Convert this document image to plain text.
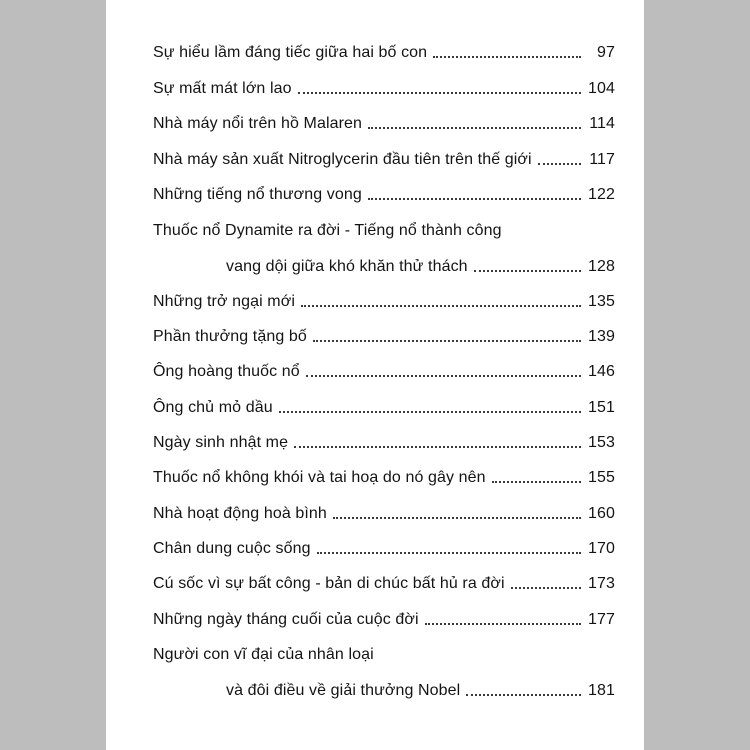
Sự hiểu lầm đáng tiếc giữa hai bố con	97
Sự mất mát lớn lao	104
Nhà máy nổi trên hồ Malaren	114
Nhà máy sản xuất Nitroglycerin đầu tiên trên thế giới	117
Những tiếng nổ thương vong	122
Thuốc nổ Dynamite ra đời - Tiếng nổ thành công
vang dội giữa khó khăn thử thách	128
Những trở ngại mới	135
Phần thưởng tặng bố	139
Ông hoàng thuốc nổ	146
Ông chủ mỏ dầu	151
Ngày sinh nhật mẹ	153
Thuốc nổ không khói và tai hoạ do nó gây nên	155
Nhà hoạt động hoà bình	160
Chân dung cuộc sống	170
Cú sốc vì sự bất công - bản di chúc bất hủ ra đời	173
Những ngày tháng cuối của cuộc đời	177
Người con vĩ đại của nhân loại
và đôi điều về giải thưởng Nobel	181
